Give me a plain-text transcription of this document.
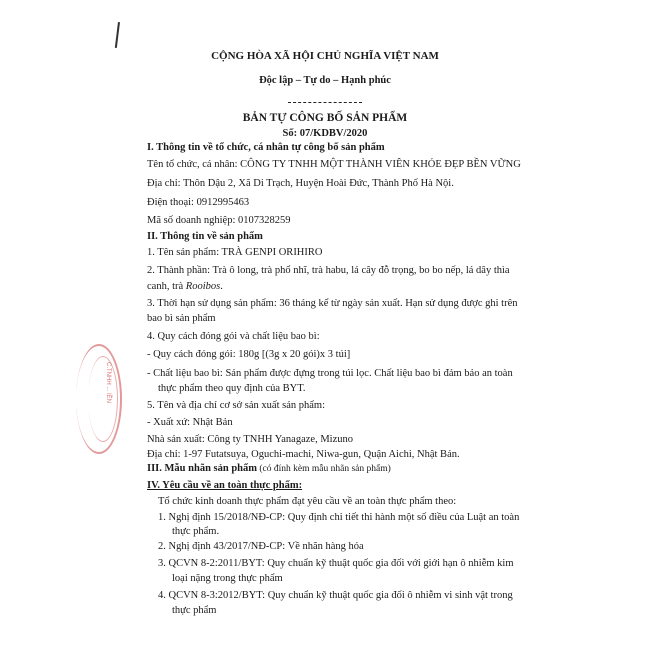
CỘNG HÒA XÃ HỘI CHỦ NGHĨA VIỆT NAM
Độc lập – Tự do – Hạnh phúc
BẢN TỰ CÔNG BỐ SẢN PHẨM
Số: 07/KDBV/2020
I. Thông tin về tổ chức, cá nhân tự công bố sản phẩm
Tên tổ chức, cá nhân: CÔNG TY TNHH MỘT THÀNH VIÊN KHỎE ĐẸP BỀN VỮNG
Địa chỉ: Thôn Dậu 2, Xã Di Trạch, Huyện Hoài Đức, Thành Phố Hà Nội.
Điện thoại: 0912995463
Mã số doanh nghiệp: 0107328259
II. Thông tin về sản phẩm
1. Tên sản phẩm: TRÀ GENPI ORIHIRO
2. Thành phần: Trà ô long, trà phổ nhĩ, trà habu, lá cây đỗ trọng, bo bo nếp, lá dây thìa
canh, trà Rooibos.
3. Thời hạn sử dụng sản phẩm: 36 tháng kể từ ngày sản xuất. Hạn sử dụng được ghi trên
bao bì sản phẩm
4. Quy cách đóng gói và chất liệu bao bì:
- Quy cách đóng gói: 180g [(3g x 20 gói)x 3 túi]
- Chất liệu bao bì: Sản phẩm được đựng trong túi lọc. Chất liệu bao bì đảm bảo an toàn
thực phẩm theo quy định của BYT.
5. Tên và địa chỉ cơ sở sản xuất sản phẩm:
- Xuất xứ: Nhật Bản
Nhà sản xuất: Công ty TNHH Yanagaze, Mizuno
Địa chỉ: 1-97 Futatsuya, Oguchi-machi, Niwa-gun, Quận Aichi, Nhật Bản.
III. Mẫu nhãn sản phẩm (có đính kèm mẫu nhãn sản phẩm)
IV. Yêu cầu về an toàn thực phẩm:
Tổ chức kinh doanh thực phẩm đạt yêu cầu về an toàn thực phẩm theo:
1. Nghị định 15/2018/NĐ-CP: Quy định chi tiết thi hành một số điều của Luật an toàn
thực phẩm.
2. Nghị định 43/2017/NĐ-CP: Về nhãn hàng hóa
3. QCVN 8-2:2011/BYT: Quy chuẩn kỹ thuật quốc gia đối với giới hạn ô nhiễm kim
loại nặng trong thực phẩm
4. QCVN 8-3:2012/BYT: Quy chuẩn kỹ thuật quốc gia đối ô nhiễm vi sinh vật trong
thực phẩm
C.TNHH ... IỀN
